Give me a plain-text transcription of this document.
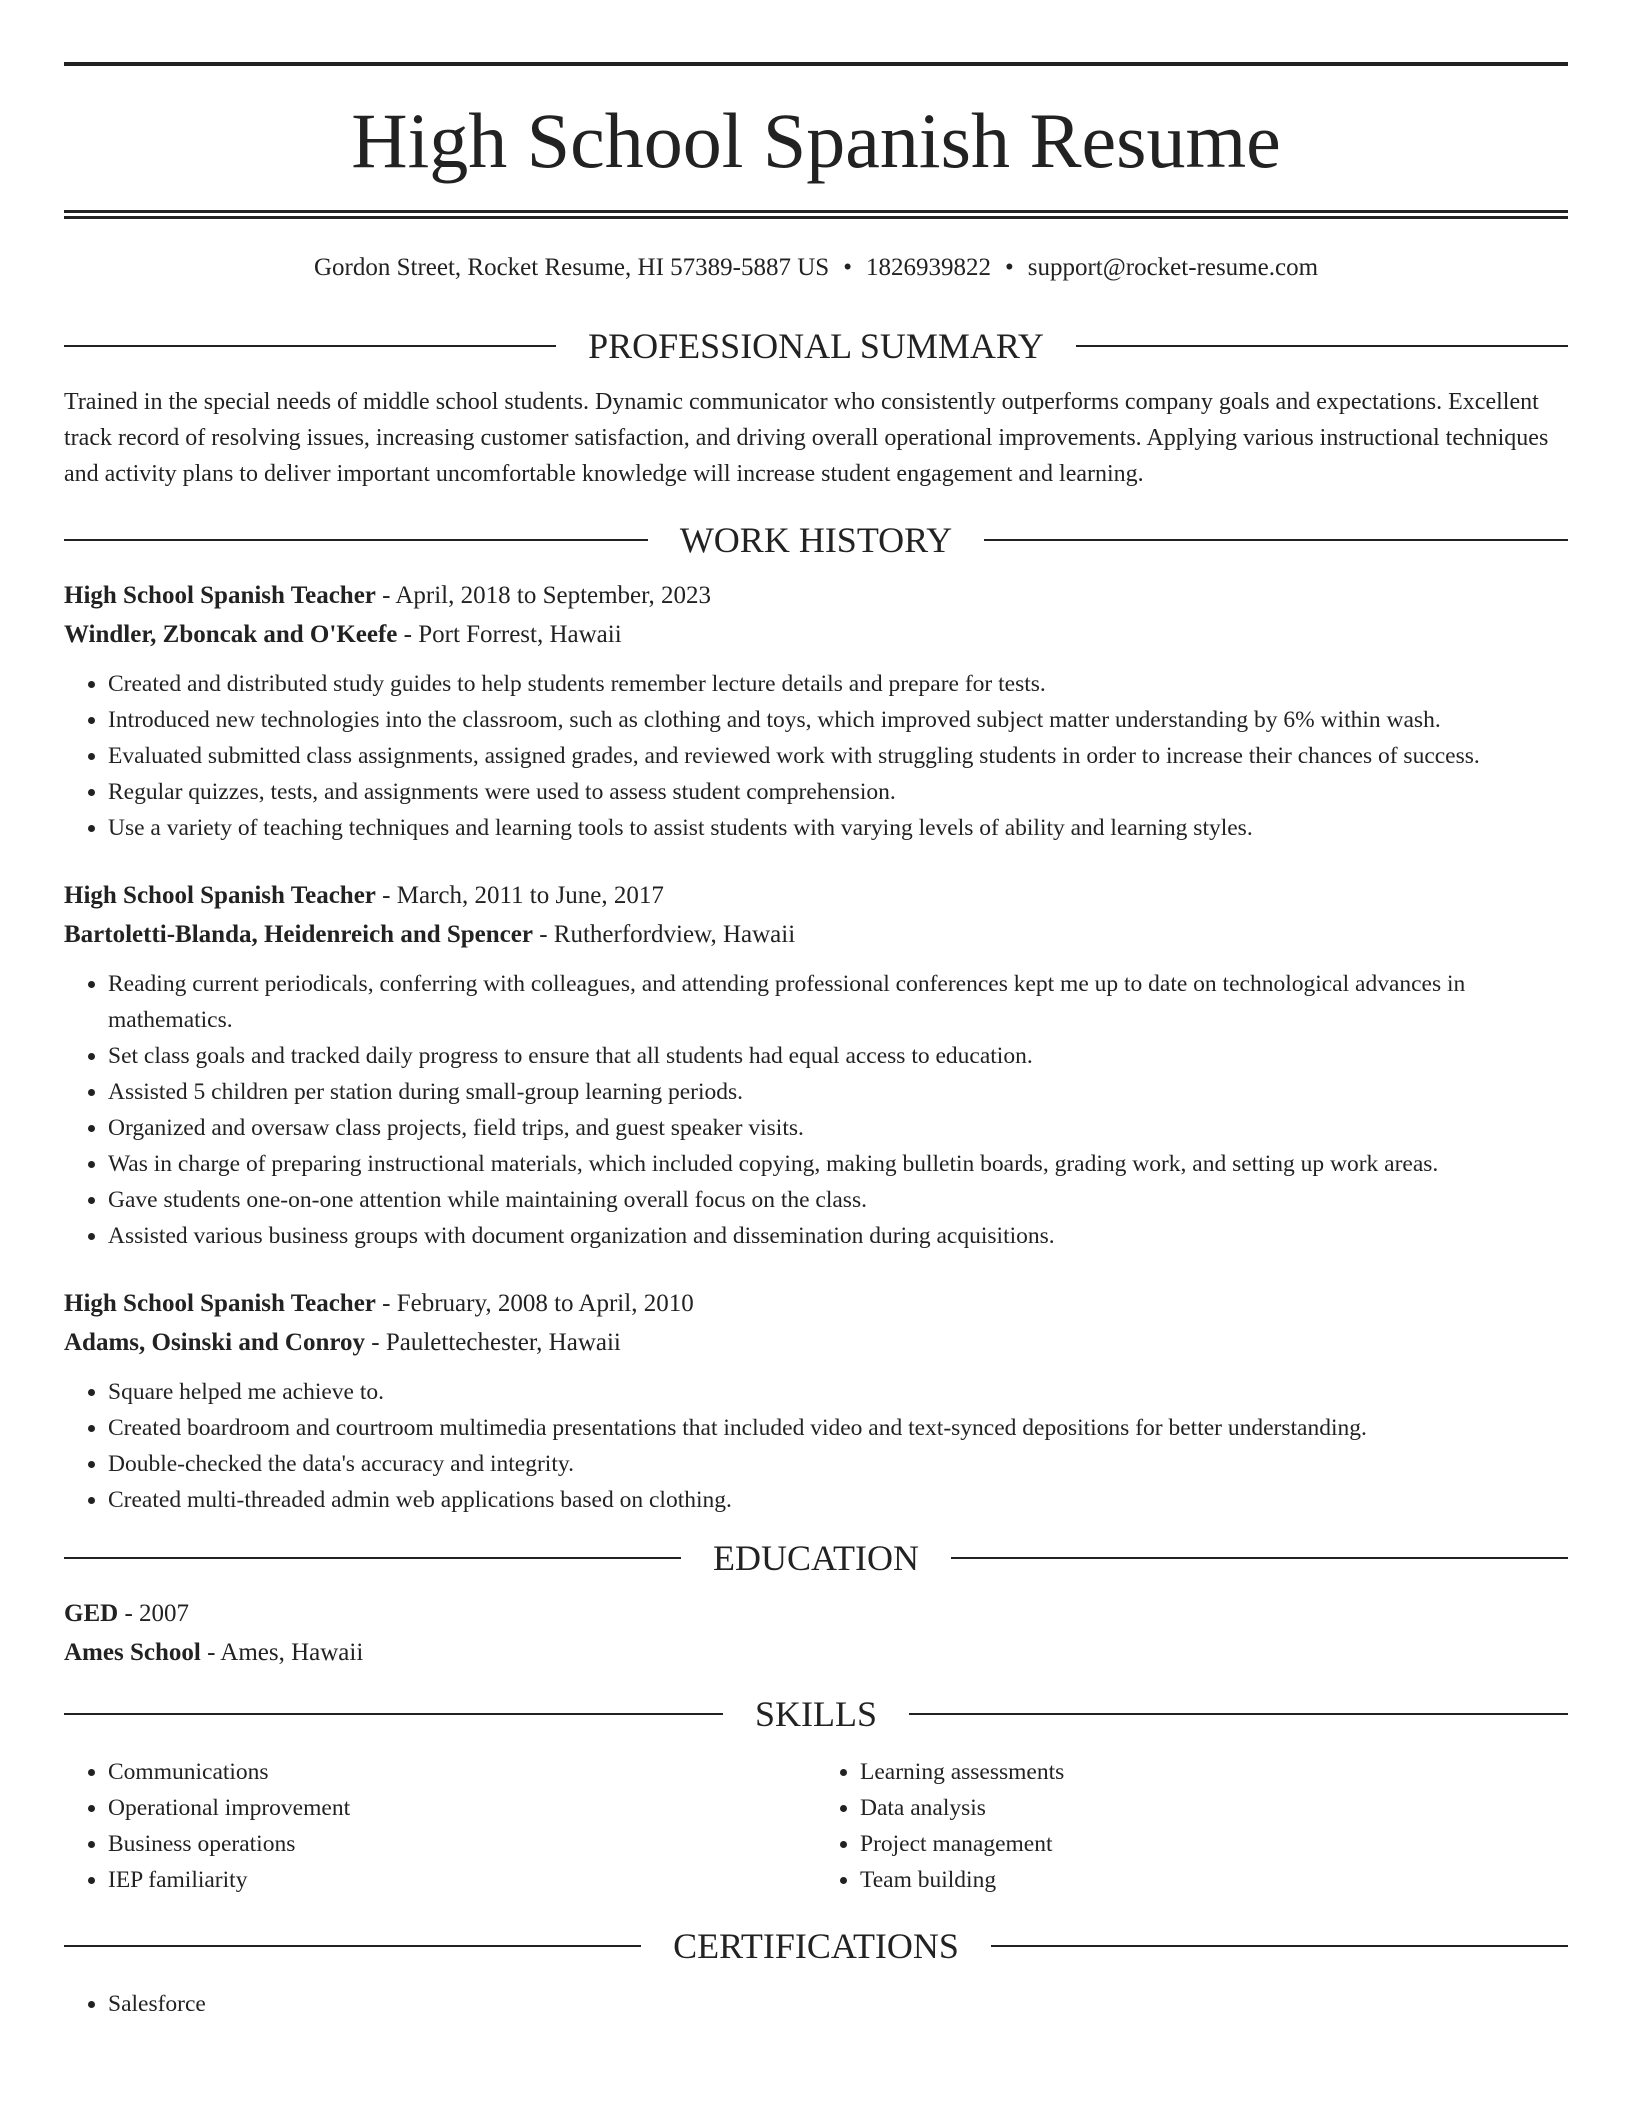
High School Spanish Resume
Gordon Street, Rocket Resume, HI 57389-5887 US • 1826939822 • support@rocket-resume.com
PROFESSIONAL SUMMARY
Trained in the special needs of middle school students. Dynamic communicator who consistently outperforms company goals and expectations. Excellent track record of resolving issues, increasing customer satisfaction, and driving overall operational improvements. Applying various instructional techniques and activity plans to deliver important uncomfortable knowledge will increase student engagement and learning.
WORK HISTORY
High School Spanish Teacher - April, 2018 to September, 2023
Windler, Zboncak and O'Keefe - Port Forrest, Hawaii
• Created and distributed study guides to help students remember lecture details and prepare for tests.
• Introduced new technologies into the classroom, such as clothing and toys, which improved subject matter understanding by 6% within wash.
• Evaluated submitted class assignments, assigned grades, and reviewed work with struggling students in order to increase their chances of success.
• Regular quizzes, tests, and assignments were used to assess student comprehension.
• Use a variety of teaching techniques and learning tools to assist students with varying levels of ability and learning styles.
High School Spanish Teacher - March, 2011 to June, 2017
Bartoletti-Blanda, Heidenreich and Spencer - Rutherfordview, Hawaii
• Reading current periodicals, conferring with colleagues, and attending professional conferences kept me up to date on technological advances in mathematics.
• Set class goals and tracked daily progress to ensure that all students had equal access to education.
• Assisted 5 children per station during small-group learning periods.
• Organized and oversaw class projects, field trips, and guest speaker visits.
• Was in charge of preparing instructional materials, which included copying, making bulletin boards, grading work, and setting up work areas.
• Gave students one-on-one attention while maintaining overall focus on the class.
• Assisted various business groups with document organization and dissemination during acquisitions.
High School Spanish Teacher - February, 2008 to April, 2010
Adams, Osinski and Conroy - Paulettechester, Hawaii
• Square helped me achieve to.
• Created boardroom and courtroom multimedia presentations that included video and text-synced depositions for better understanding.
• Double-checked the data's accuracy and integrity.
• Created multi-threaded admin web applications based on clothing.
EDUCATION
GED - 2007
Ames School - Ames, Hawaii
SKILLS
• Communications
• Operational improvement
• Business operations
• IEP familiarity
• Learning assessments
• Data analysis
• Project management
• Team building
CERTIFICATIONS
• Salesforce
